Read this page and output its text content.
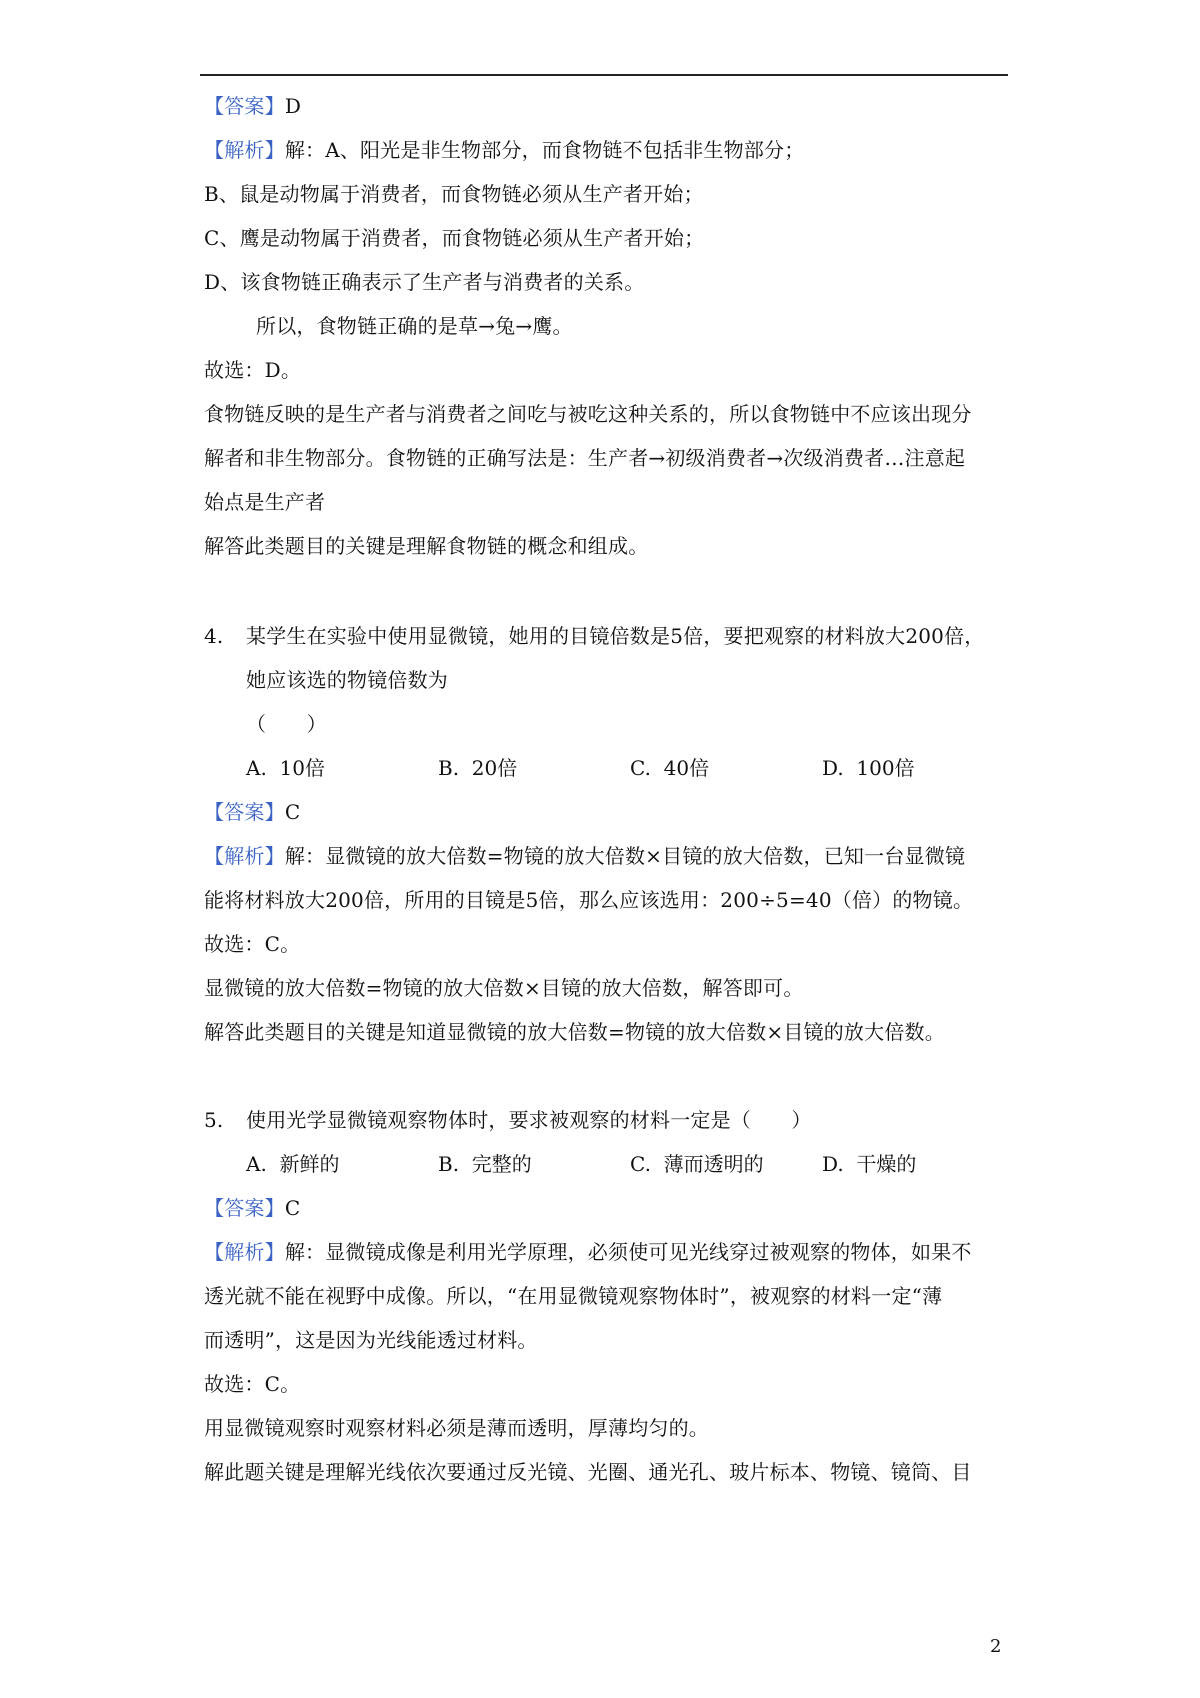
【答案】D
【解析】解：A、阳光是非生物部分，而食物链不包括非生物部分；
B、鼠是动物属于消费者，而食物链必须从生产者开始；
C、鹰是动物属于消费者，而食物链必须从生产者开始；
D、该食物链正确表示了生产者与消费者的关系。
所以，食物链正确的是草→兔→鹰。
故选：D。
食物链反映的是生产者与消费者之间吃与被吃这种关系的，所以食物链中不应该出现分
解者和非生物部分。食物链的正确写法是：生产者→初级消费者→次级消费者…注意起
始点是生产者
解答此类题目的关键是理解食物链的概念和组成。
4. 某学生在实验中使用显微镜，她用的目镜倍数是5倍，要把观察的材料放大200倍，
她应该选的物镜倍数为
（　　）
A. 10倍	B. 20倍	C. 40倍	D. 100倍
【答案】C
【解析】解：显微镜的放大倍数=物镜的放大倍数×目镜的放大倍数，已知一台显微镜
能将材料放大200倍，所用的目镜是5倍，那么应该选用：200÷5=40（倍）的物镜。
故选：C。
显微镜的放大倍数=物镜的放大倍数×目镜的放大倍数，解答即可。
解答此类题目的关键是知道显微镜的放大倍数=物镜的放大倍数×目镜的放大倍数。
5. 使用光学显微镜观察物体时，要求被观察的材料一定是（　　）
A. 新鲜的	B. 完整的	C. 薄而透明的	D. 干燥的
【答案】C
【解析】解：显微镜成像是利用光学原理，必须使可见光线穿过被观察的物体，如果不
透光就不能在视野中成像。所以，“在用显微镜观察物体时”，被观察的材料一定“薄
而透明”，这是因为光线能透过材料。
故选：C。
用显微镜观察时观察材料必须是薄而透明，厚薄均匀的。
解此题关键是理解光线依次要通过反光镜、光圈、通光孔、玻片标本、物镜、镜筒、目
2
